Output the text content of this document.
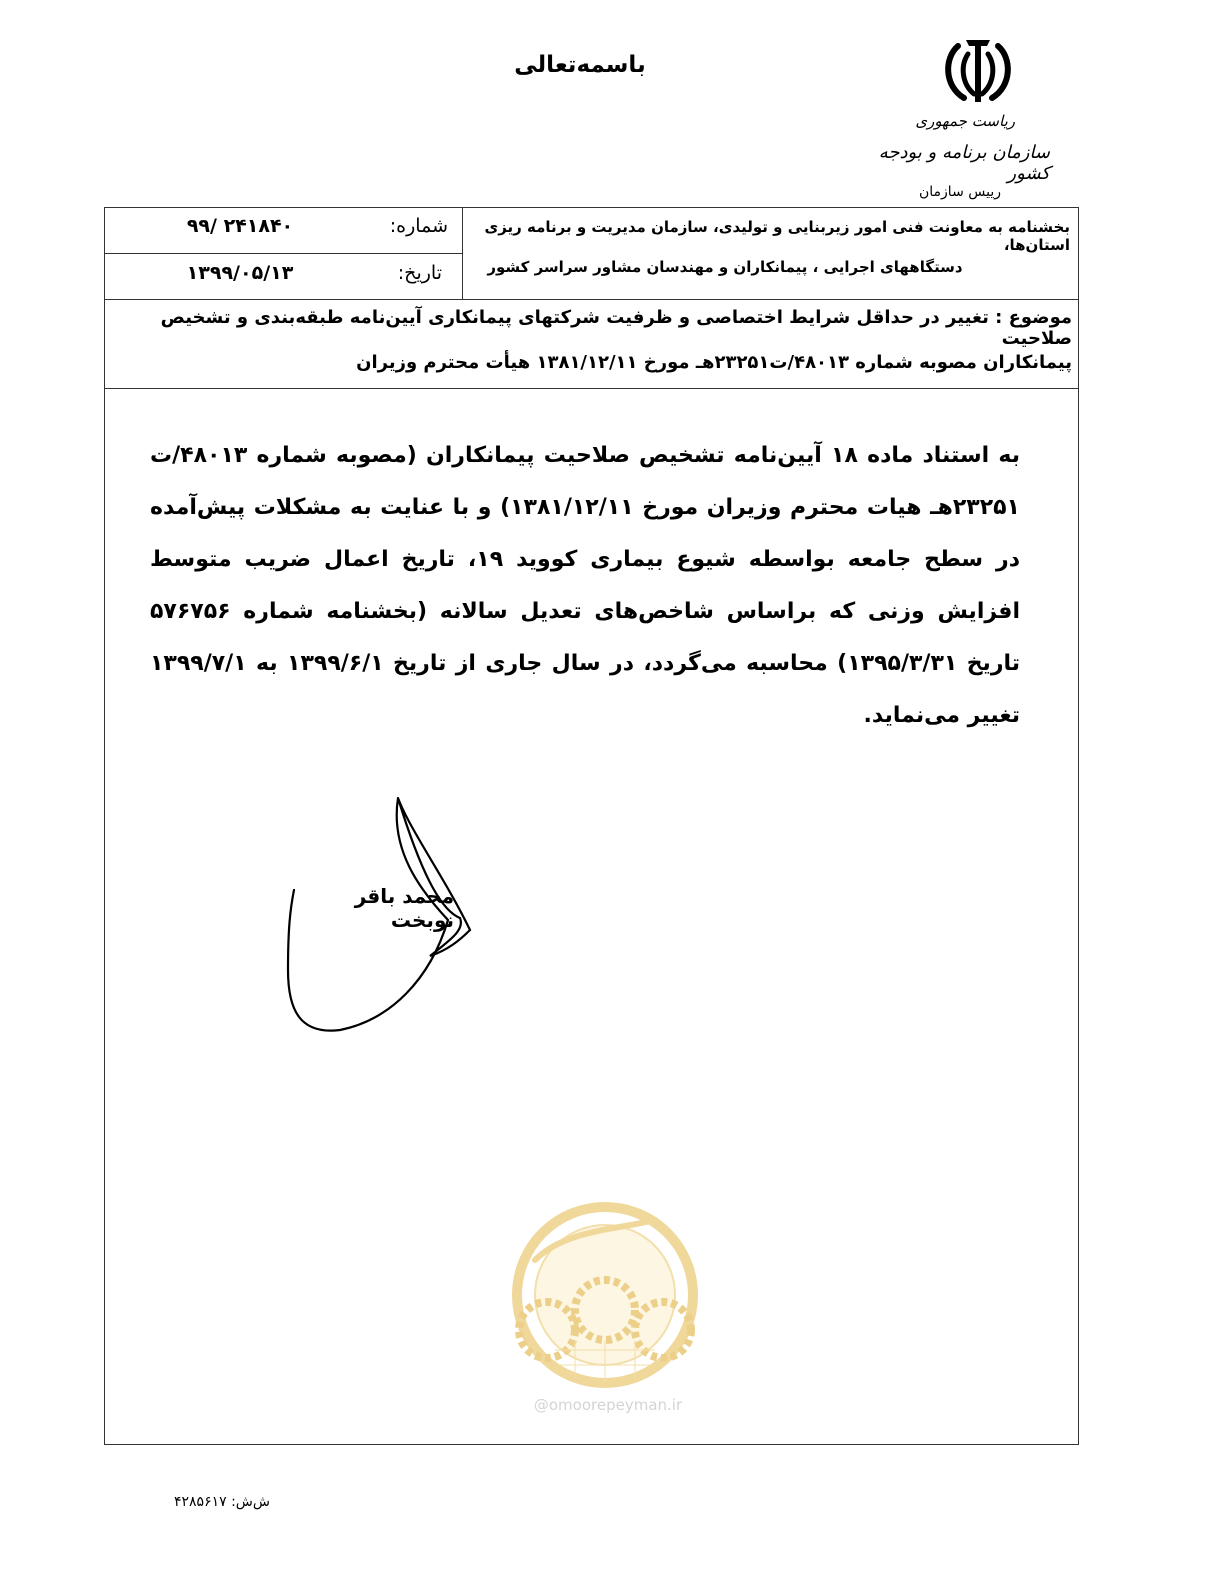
باسمه‌تعالی
ریاست جمهوری
سازمان برنامه و بودجه کشور
رییس سازمان
بخشنامه به معاونت فنی امور زیربنایی و تولیدی، سازمان مدیریت و برنامه ریزی استان‌ها،
دستگاههای اجرایی ، پیمانکاران و مهندسان مشاور سراسر کشور
شماره:
۹۹/ ۲۴۱۸۴۰
تاریخ:
۱۳۹۹/۰۵/۱۳
موضوع : تغییر در حداقل شرایط اختصاصی و ظرفیت شرکتهای پیمانکاری آیین‌نامه طبقه‌بندی و تشخیص صلاحیت
پیمانکاران مصوبه شماره ۴۸۰۱۳/ت۲۳۲۵۱هـ مورخ ۱۳۸۱/۱۲/۱۱ هیأت محترم وزیران
به استناد ماده ۱۸ آیین‌نامه تشخیص صلاحیت پیمانکاران (مصوبه شماره ۴۸۰۱۳/ت ۲۳۲۵۱هـ هیات محترم وزیران مورخ ۱۳۸۱/۱۲/۱۱) و با عنایت به مشکلات پیش‌آمده در سطح جامعه بواسطه شیوع بیماری کووید ۱۹، تاریخ اعمال ضریب متوسط افزایش وزنی که براساس شاخص‌های تعدیل سالانه (بخشنامه شماره ۵۷۶۷۵۶ تاریخ ۱۳۹۵/۳/۳۱) محاسبه می‌گردد، در سال جاری از تاریخ ۱۳۹۹/۶/۱ به ۱۳۹۹/۷/۱ تغییر می‌نماید.
محمد باقر نوبخت
@omoorepeyman.ir
ش‌ش: ۴۲۸۵۶۱۷
